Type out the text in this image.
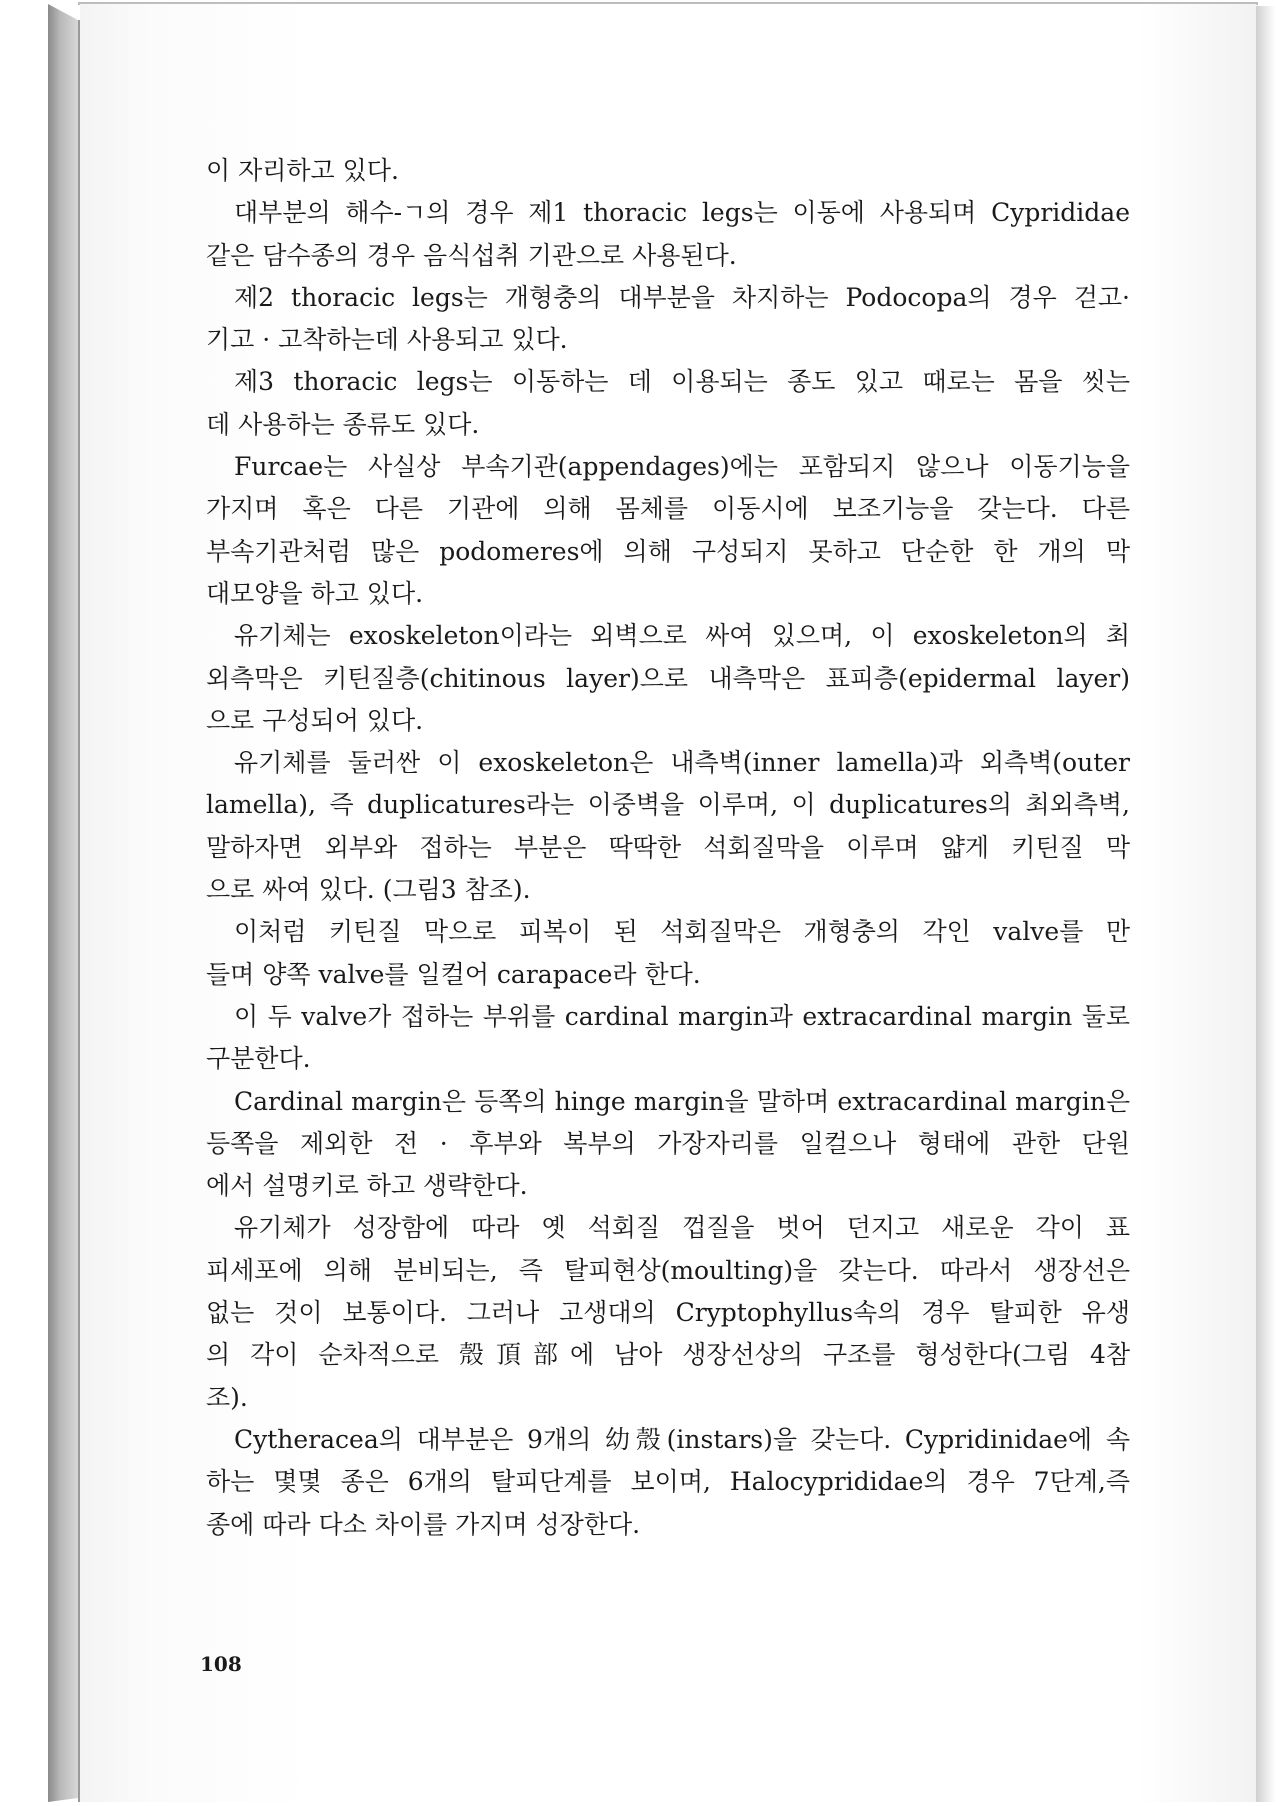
이 자리하고 있다.
대부분의 해수-ㄱ의 경우 제1 thoracic legs는 이동에 사용되며 Cyprididae
같은 담수종의 경우 음식섭취 기관으로 사용된다.
제2 thoracic legs는 개형충의 대부분을 차지하는 Podocopa의 경우 걷고·
기고 · 고착하는데 사용되고 있다.
제3 thoracic legs는 이동하는 데 이용되는 종도 있고 때로는 몸을 씻는
데 사용하는 종류도 있다.
Furcae는 사실상 부속기관(appendages)에는 포함되지 않으나 이동기능을
가지며 혹은 다른 기관에 의해 몸체를 이동시에 보조기능을 갖는다. 다른
부속기관처럼 많은 podomeres에 의해 구성되지 못하고 단순한 한 개의 막
대모양을 하고 있다.
유기체는 exoskeleton이라는 외벽으로 싸여 있으며, 이 exoskeleton의 최
외측막은 키틴질층(chitinous layer)으로 내측막은 표피층(epidermal layer)
으로 구성되어 있다.
유기체를 둘러싼 이 exoskeleton은 내측벽(inner lamella)과 외측벽(outer
lamella), 즉 duplicatures라는 이중벽을 이루며, 이 duplicatures의 최외측벽,
말하자면 외부와 접하는 부분은 딱딱한 석회질막을 이루며 얇게 키틴질 막
으로 싸여 있다. (그림3 참조).
이처럼 키틴질 막으로 피복이 된 석회질막은 개형충의 각인 valve를 만
들며 양쪽 valve를 일컬어 carapace라 한다.
이 두 valve가 접하는 부위를 cardinal margin과 extracardinal margin 둘로
구분한다.
Cardinal margin은 등쪽의 hinge margin을 말하며 extracardinal margin은
등쪽을 제외한 전 · 후부와 복부의 가장자리를 일컬으나 형태에 관한 단원
에서 설명키로 하고 생략한다.
유기체가 성장함에 따라 옛 석회질 껍질을 벗어 던지고 새로운 각이 표
피세포에 의해 분비되는, 즉 탈피현상(moulting)을 갖는다. 따라서 생장선은
없는 것이 보통이다. 그러나 고생대의 Cryptophyllus속의 경우 탈피한 유생
의 각이 순차적으로 殼頂部에 남아 생장선상의 구조를 형성한다(그림 4참
조).
Cytheracea의 대부분은 9개의 幼殼(instars)을 갖는다. Cypridinidae에 속
하는 몇몇 종은 6개의 탈피단계를 보이며, Halocyprididae의 경우 7단계,즉
종에 따라 다소 차이를 가지며 성장한다.
108
